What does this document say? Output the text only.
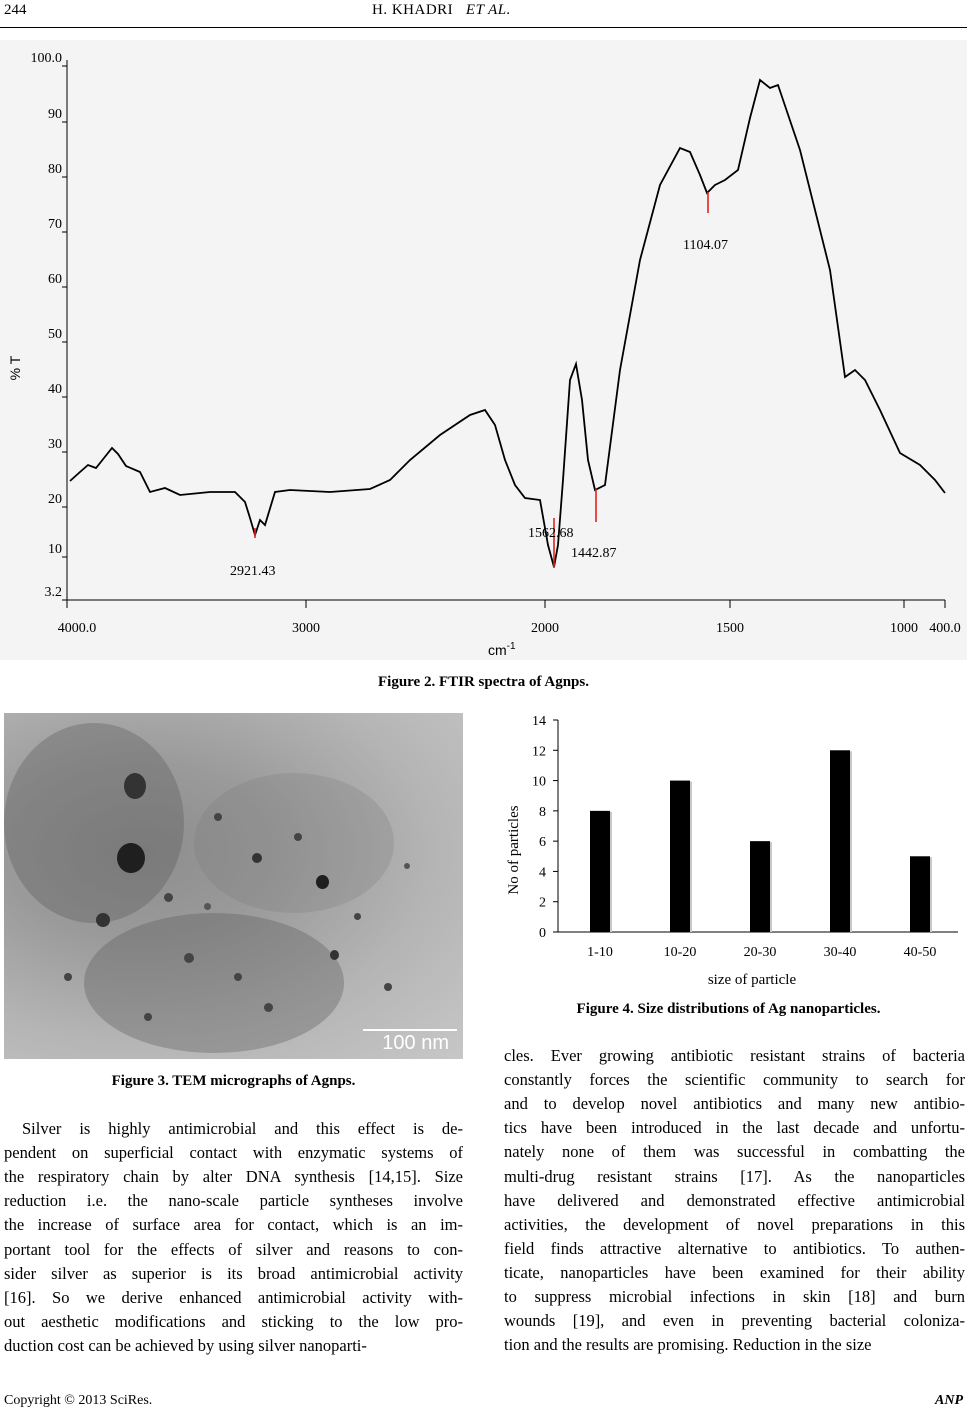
244	H. KHADRI ET AL.
3.2
10
20
30
40
50
60
70
80
90
100.0
4000.0	3000	2000	1500	1000 400.0
2921.43
1562.68
1442.87
1104.07
% T
$cm^{-1}$
Figure 2. FTIR spectra of Agnps.
100 nm
Figure 3. TEM micrographs of Agnps.
0
2
4
6
8
10
12
14
1-10	10-20	20-30	30-40	40-50
No of particles
size of particle
Figure 4. Size distributions of Ag nanoparticles.
Silver is highly antimicrobial and this effect is de-
pendent on superficial contact with enzymatic systems of
the respiratory chain by alter DNA synthesis [14,15]. Size
reduction i.e. the nano-scale particle syntheses involve
the increase of surface area for contact, which is an im-
portant tool for the effects of silver and reasons to con-
sider silver as superior is its broad antimicrobial activity
[16]. So we derive enhanced antimicrobial activity with-
out aesthetic modifications and sticking to the low pro-
duction cost can be achieved by using silver nanoparti-
cles. Ever growing antibiotic resistant strains of bacteria
constantly forces the scientific community to search for
and to develop novel antibiotics and many new antibio-
tics have been introduced in the last decade and unfortu-
nately none of them was successful in combatting the
multi-drug resistant strains [17]. As the nanoparticles
have delivered and demonstrated effective antimicrobial
activities, the development of novel preparations in this
field finds attractive alternative to antibiotics. To authen-
ticate, nanoparticles have been examined for their ability
to suppress microbial infections in skin [18] and burn
wounds [19], and even in preventing bacterial coloniza-
tion and the results are promising. Reduction in the size
Copyright © 2013 SciRes.	ANP
